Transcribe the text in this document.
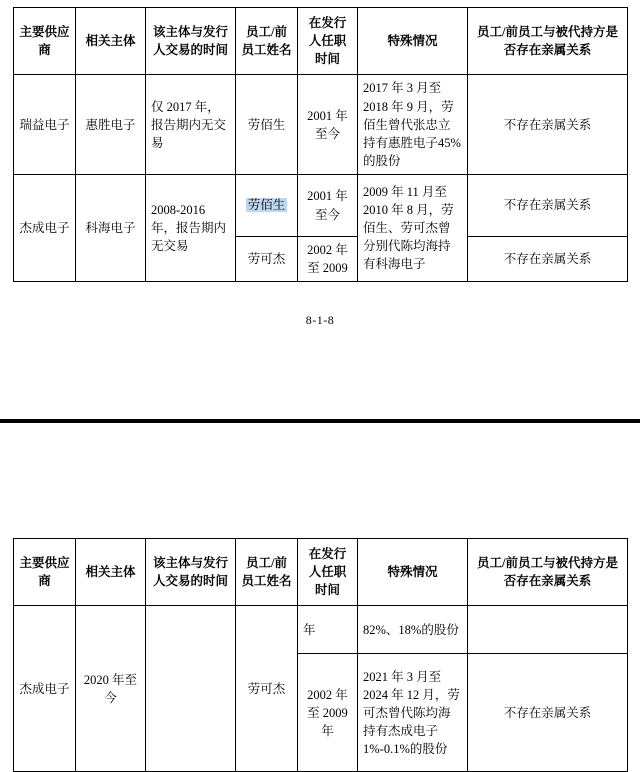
主要供应商	相关主体	该主体与发行人交易的时间	员工/前员工姓名	在发行人任职时间	特殊情况	员工/前员工与被代持方是否存在亲属关系
瑞益电子	惠胜电子	仅 2017 年，报告期内无交易	劳佰生	2001 年至今	2017 年 3 月至 2018 年 9 月，劳佰生曾代张忠立持有惠胜电子45%的股份	不存在亲属关系
杰成电子	科海电子	2008-2016 年，报告期内无交易	劳佰生	2001 年至今	2009 年 11 月至 2010 年 8 月，劳佰生、劳可杰曾分别代陈均海持有科海电子	不存在亲属关系
			劳可杰	2002 年至 2009		不存在亲属关系
8-1-8
主要供应商	相关主体	该主体与发行人交易的时间	员工/前员工姓名	在发行人任职时间	特殊情况	员工/前员工与被代持方是否存在亲属关系
杰成电子	2020 年至今		劳可杰	年	82%、18%的股份	
				2002 年至 2009 年	2021 年 3 月至 2024 年 12 月，劳可杰曾代陈均海持有杰成电子1%-0.1%的股份	不存在亲属关系
